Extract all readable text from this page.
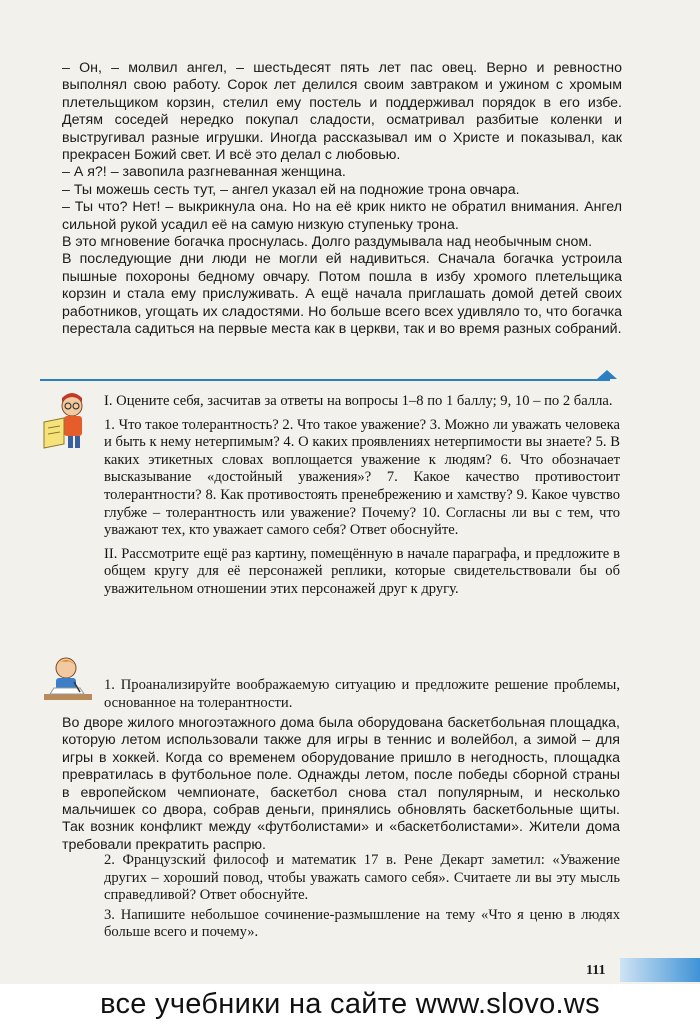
– Он, – молвил ангел, – шестьдесят пять лет пас овец. Верно и ревностно выполнял свою работу. Сорок лет делился своим завтраком и ужином с хромым плетельщиком корзин, стелил ему постель и поддерживал порядок в его избе. Детям соседей нередко покупал сладости, осматривал разбитые коленки и выстругивал разные игрушки. Иногда рассказывал им о Христе и показывал, как прекрасен Божий свет. И всё это делал с любовью.

– А я?! – завопила разгневанная женщина.

– Ты можешь сесть тут, – ангел указал ей на подножие трона овчара.

– Ты что? Нет! – выкрикнула она. Но на её крик никто не обратил внимания. Ангел сильной рукой усадил её на самую низкую ступеньку трона.

В это мгновение богачка проснулась. Долго раздумывала над необычным сном.

В последующие дни люди не могли ей надивиться. Сначала богачка устроила пышные похороны бедному овчару. Потом пошла в избу хромого плетельщика корзин и стала ему прислуживать. А ещё начала приглашать домой детей своих работников, угощать их сладостями. Но больше всего всех удивляло то, что богачка перестала садиться на первые места как в церкви, так и во время разных собраний.

I. Оцените себя, засчитав за ответы на вопросы 1–8 по 1 баллу; 9, 10 – по 2 балла.

1. Что такое толерантность? 2. Что такое уважение? 3. Можно ли уважать человека и быть к нему нетерпимым? 4. О каких проявлениях нетерпимости вы знаете? 5. В каких этикетных словах воплощается уважение к людям? 6. Что обозначает высказывание «достойный уважения»? 7. Какое качество противостоит толерантности? 8. Как противостоять пренебрежению и хамству? 9. Какое чувство глубже – толерантность или уважение? Почему? 10. Согласны ли вы с тем, что уважают тех, кто уважает самого себя? Ответ обоснуйте.

II. Рассмотрите ещё раз картину, помещённую в начале параграфа, и предложите в общем кругу для её персонажей реплики, которые свидетельствовали бы об уважительном отношении этих персонажей друг к другу.

1. Проанализируйте воображаемую ситуацию и предложите решение проблемы, основанное на толерантности.
Во дворе жилого многоэтажного дома была оборудована баскетбольная площадка, которую летом использовали также для игры в теннис и волейбол, а зимой – для игры в хоккей. Когда со временем оборудование пришло в негодность, площадка превратилась в футбольное поле. Однажды летом, после победы сборной страны в европейском чемпионате, баскетбол снова стал популярным, и несколько мальчишек со двора, собрав деньги, принялись обновлять баскетбольные щиты. Так возник конфликт между «футболистами» и «баскетболистами». Жители дома требовали прекратить распрю.

2. Французский философ и математик 17 в. Рене Декарт заметил: «Уважение других – хороший повод, чтобы уважать самого себя». Считаете ли вы эту мысль справедливой? Ответ обоснуйте.

3. Напишите небольшое сочинение-размышление на тему «Что я ценю в людях больше всего и почему».

111
все учебники на сайте www.slovo.ws
